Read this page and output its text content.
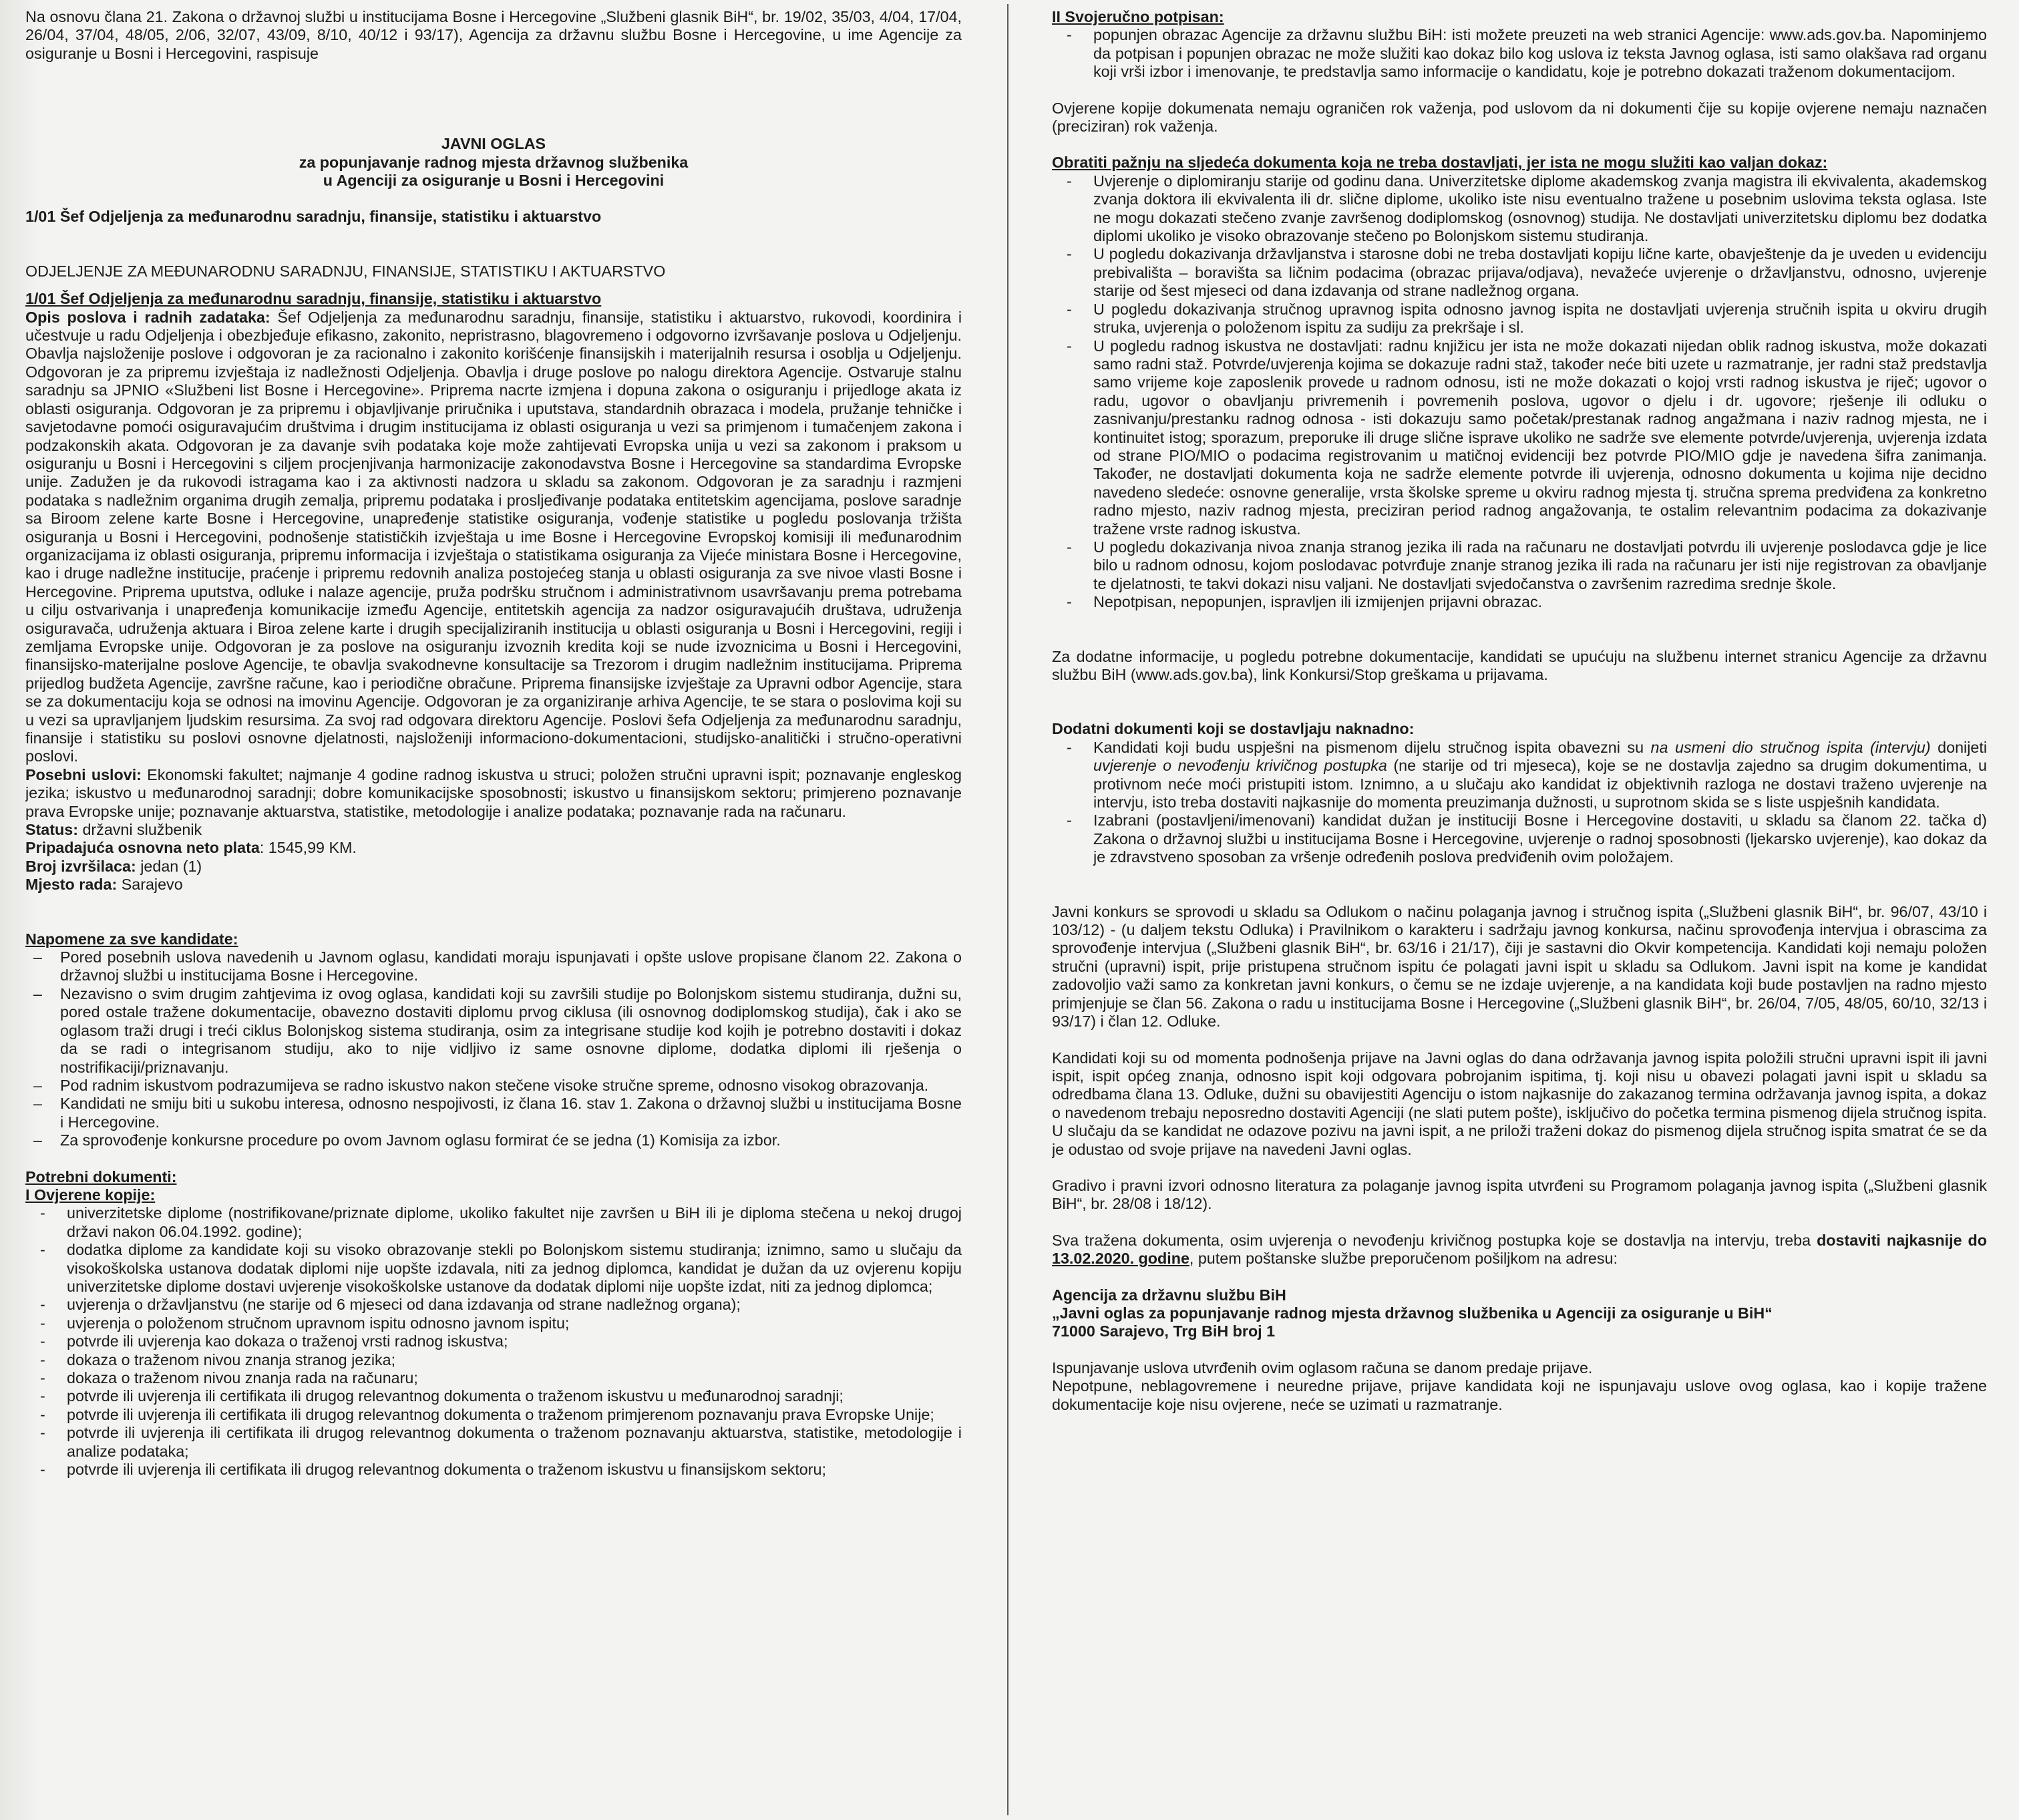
Na osnovu člana 21. Zakona o državnoj službi u institucijama Bosne i Hercegovine „Službeni glasnik BiH“, br. 19/02, 35/03, 4/04, 17/04, 26/04, 37/04, 48/05, 2/06, 32/07, 43/09, 8/10, 40/12 i 93/17), Agencija za državnu službu Bosne i Hercegovine, u ime Agencije za osiguranje u Bosni i Hercegovini, raspisuje

JAVNI OGLAS

za popunjavanje radnog mjesta državnog službenika

u Agenciji za osiguranje u Bosni i Hercegovini

1/01 Šef Odjeljenja za međunarodnu saradnju, finansije, statistiku i aktuarstvo

ODJELJENJE ZA MEĐUNARODNU SARADNJU, FINANSIJE, STATISTIKU I AKTUARSTVO

1/01 Šef Odjeljenja za međunarodnu saradnju, finansije, statistiku i aktuarstvo

Opis poslova i radnih zadataka: Šef Odjeljenja za međunarodnu saradnju, finansije, statistiku i aktuarstvo, rukovodi, koordinira i učestvuje u radu Odjeljenja i obezbjeđuje efikasno, zakonito, nepristrasno, blagovremeno i odgovorno izvršavanje poslova u Odjeljenju. Obavlja najsloženije poslove i odgovoran je za racionalno i zakonito korišćenje finansijskih i materijalnih resursa i osoblja u Odjeljenju. Odgovoran je za pripremu izvještaja iz nadležnosti Odjeljenja. Obavlja i druge poslove po nalogu direktora Agencije. Ostvaruje stalnu saradnju sa JPNIO «Službeni list Bosne i Hercegovine». Priprema nacrte izmjena i dopuna zakona o osiguranju i prijedloge akata iz oblasti osiguranja. Odgovoran je za pripremu i objavljivanje priručnika i uputstava, standardnih obrazaca i modela, pružanje tehničke i savjetodavne pomoći osiguravajućim društvima i drugim institucijama iz oblasti osiguranja u vezi sa primjenom i tumačenjem zakona i podzakonskih akata. Odgovoran je za davanje svih podataka koje može zahtijevati Evropska unija u vezi sa zakonom i praksom u osiguranju u Bosni i Hercegovini s ciljem procjenjivanja harmonizacije zakonodavstva Bosne i Hercegovine sa standardima Evropske unije. Zadužen je da rukovodi istragama kao i za aktivnosti nadzora u skladu sa zakonom. Odgovoran je za saradnju i razmjeni podataka s nadležnim organima drugih zemalja, pripremu podataka i prosljeđivanje podataka entitetskim agencijama, poslove saradnje sa Biroom zelene karte Bosne i Hercegovine, unapređenje statistike osiguranja, vođenje statistike u pogledu poslovanja tržišta osiguranja u Bosni i Hercegovini, podnošenje statističkih izvještaja u ime Bosne i Hercegovine Evropskoj komisiji ili međunarodnim organizacijama iz oblasti osiguranja, pripremu informacija i izvještaja o statistikama osiguranja za Vijeće ministara Bosne i Hercegovine, kao i druge nadležne institucije, praćenje i pripremu redovnih analiza postojećeg stanja u oblasti osiguranja za sve nivoe vlasti Bosne i Hercegovine. Priprema uputstva, odluke i nalaze agencije, pruža podršku stručnom i administrativnom usavršavanju prema potrebama u cilju ostvarivanja i unapređenja komunikacije između Agencije, entitetskih agencija za nadzor osiguravajućih društava, udruženja osiguravača, udruženja aktuara i Biroa zelene karte i drugih specijaliziranih institucija u oblasti osiguranja u Bosni i Hercegovini, regiji i zemljama Evropske unije. Odgovoran je za poslove na osiguranju izvoznih kredita koji se nude izvoznicima u Bosni i Hercegovini, finansijsko-materijalne poslove Agencije, te obavlja svakodnevne konsultacije sa Trezorom i drugim nadležnim institucijama. Priprema prijedlog budžeta Agencije, završne račune, kao i periodične obračune. Priprema finansijske izvještaje za Upravni odbor Agencije, stara se za dokumentaciju koja se odnosi na imovinu Agencije. Odgovoran je za organiziranje arhiva Agencije, te se stara o poslovima koji su u vezi sa upravljanjem ljudskim resursima. Za svoj rad odgovara direktoru Agencije. Poslovi šefa Odjeljenja za međunarodnu saradnju, finansije i statistiku su poslovi osnovne djelatnosti, najsloženiji informaciono-dokumentacioni, studijsko-analitički i stručno-operativni poslovi.

Posebni uslovi: Ekonomski fakultet; najmanje 4 godine radnog iskustva u struci; položen stručni upravni ispit; poznavanje engleskog jezika; iskustvo u međunarodnoj saradnji; dobre komunikacijske sposobnosti; iskustvo u finansijskom sektoru; primjereno poznavanje prava Evropske unije; poznavanje aktuarstva, statistike, metodologije i analize podataka; poznavanje rada na računaru.

Status: državni službenik

Pripadajuća osnovna neto plata: 1545,99 KM.

Broj izvršilaca: jedan (1)

Mjesto rada: Sarajevo

Napomene za sve kandidate:

– Pored posebnih uslova navedenih u Javnom oglasu, kandidati moraju ispunjavati i opšte uslove propisane članom 22. Zakona o državnoj službi u institucijama Bosne i Hercegovine.
– Nezavisno o svim drugim zahtjevima iz ovog oglasa, kandidati koji su završili studije po Bolonjskom sistemu studiranja, dužni su, pored ostale tražene dokumentacije, obavezno dostaviti diplomu prvog ciklusa (ili osnovnog dodiplomskog studija), čak i ako se oglasom traži drugi i treći ciklus Bolonjskog sistema studiranja, osim za integrisane studije kod kojih je potrebno dostaviti i dokaz da se radi o integrisanom studiju, ako to nije vidljivo iz same osnovne diplome, dodatka diplomi ili rješenja o nostrifikaciji/priznavanju.
– Pod radnim iskustvom podrazumijeva se radno iskustvo nakon stečene visoke stručne spreme, odnosno visokog obrazovanja.
– Kandidati ne smiju biti u sukobu interesa, odnosno nespojivosti, iz člana 16. stav 1. Zakona o državnoj službi u institucijama Bosne i Hercegovine.
– Za sprovođenje konkursne procedure po ovom Javnom oglasu formirat će se jedna (1) Komisija za izbor.

Potrebni dokumenti:

I Ovjerene kopije:

- univerzitetske diplome (nostrifikovane/priznate diplome, ukoliko fakultet nije završen u BiH ili je diploma stečena u nekoj drugoj državi nakon 06.04.1992. godine);
- dodatka diplome za kandidate koji su visoko obrazovanje stekli po Bolonjskom sistemu studiranja; iznimno, samo u slučaju da visokoškolska ustanova dodatak diplomi nije uopšte izdavala, niti za jednog diplomca, kandidat je dužan da uz ovjerenu kopiju univerzitetske diplome dostavi uvjerenje visokoškolske ustanove da dodatak diplomi nije uopšte izdat, niti za jednog diplomca;
- uvjerenja o državljanstvu (ne starije od 6 mjeseci od dana izdavanja od strane nadležnog organa);
- uvjerenja o položenom stručnom upravnom ispitu odnosno javnom ispitu;
- potvrde ili uvjerenja kao dokaza o traženoj vrsti radnog iskustva;
- dokaza o traženom nivou znanja stranog jezika;
- dokaza o traženom nivou znanja rada na računaru;
- potvrde ili uvjerenja ili certifikata ili drugog relevantnog dokumenta o traženom iskustvu u međunarodnoj saradnji;
- potvrde ili uvjerenja ili certifikata ili drugog relevantnog dokumenta o traženom primjerenom poznavanju prava Evropske Unije;
- potvrde ili uvjerenja ili certifikata ili drugog relevantnog dokumenta o traženom poznavanju aktuarstva, statistike, metodologije i analize podataka;
- potvrde ili uvjerenja ili certifikata ili drugog relevantnog dokumenta o traženom iskustvu u finansijskom sektoru;

II Svojeručno potpisan:

- popunjen obrazac Agencije za državnu službu BiH: isti možete preuzeti na web stranici Agencije: www.ads.gov.ba. Napominjemo da potpisan i popunjen obrazac ne može služiti kao dokaz bilo kog uslova iz teksta Javnog oglasa, isti samo olakšava rad organu koji vrši izbor i imenovanje, te predstavlja samo informacije o kandidatu, koje je potrebno dokazati traženom dokumentacijom.

Ovjerene kopije dokumenata nemaju ograničen rok važenja, pod uslovom da ni dokumenti čije su kopije ovjerene nemaju naznačen (preciziran) rok važenja.

Obratiti pažnju na sljedeća dokumenta koja ne treba dostavljati, jer ista ne mogu služiti kao valjan dokaz:

- Uvjerenje o diplomiranju starije od godinu dana. Univerzitetske diplome akademskog zvanja magistra ili ekvivalenta, akademskog zvanja doktora ili ekvivalenta ili dr. slične diplome, ukoliko iste nisu eventualno tražene u posebnim uslovima teksta oglasa. Iste ne mogu dokazati stečeno zvanje završenog dodiplomskog (osnovnog) studija. Ne dostavljati univerzitetsku diplomu bez dodatka diplomi ukoliko je visoko obrazovanje stečeno po Bolonjskom sistemu studiranja.
- U pogledu dokazivanja državljanstva i starosne dobi ne treba dostavljati kopiju lične karte, obavještenje da je uveden u evidenciju prebivališta – boravišta sa ličnim podacima (obrazac prijava/odjava), nevažeće uvjerenje o državljanstvu, odnosno, uvjerenje starije od šest mjeseci od dana izdavanja od strane nadležnog organa.
- U pogledu dokazivanja stručnog upravnog ispita odnosno javnog ispita ne dostavljati uvjerenja stručnih ispita u okviru drugih struka, uvjerenja o položenom ispitu za sudiju za prekršaje i sl.
- U pogledu radnog iskustva ne dostavljati: radnu knjižicu jer ista ne može dokazati nijedan oblik radnog iskustva, može dokazati samo radni staž. Potvrde/uvjerenja kojima se dokazuje radni staž, također neće biti uzete u razmatranje, jer radni staž predstavlja samo vrijeme koje zaposlenik provede u radnom odnosu, isti ne može dokazati o kojoj vrsti radnog iskustva je riječ; ugovor o radu, ugovor o obavljanju privremenih i povremenih poslova, ugovor o djelu i dr. ugovore; rješenje ili odluku o zasnivanju/prestanku radnog odnosa - isti dokazuju samo početak/prestanak radnog angažmana i naziv radnog mjesta, ne i kontinuitet istog; sporazum, preporuke ili druge slične isprave ukoliko ne sadrže sve elemente potvrde/uvjerenja, uvjerenja izdata od strane PIO/MIO o podacima registrovanim u matičnoj evidenciji bez potvrde PIO/MIO gdje je navedena šifra zanimanja. Također, ne dostavljati dokumenta koja ne sadrže elemente potvrde ili uvjerenja, odnosno dokumenta u kojima nije decidno navedeno sledeće: osnovne generalije, vrsta školske spreme u okviru radnog mjesta tj. stručna sprema predviđena za konkretno radno mjesto, naziv radnog mjesta, preciziran period radnog angažovanja, te ostalim relevantnim podacima za dokazivanje tražene vrste radnog iskustva.
- U pogledu dokazivanja nivoa znanja stranog jezika ili rada na računaru ne dostavljati potvrdu ili uvjerenje poslodavca gdje je lice bilo u radnom odnosu, kojom poslodavac potvrđuje znanje stranog jezika ili rada na računaru jer isti nije registrovan za obavljanje te djelatnosti, te takvi dokazi nisu valjani. Ne dostavljati svjedočanstva o završenim razredima srednje škole.
- Nepotpisan, nepopunjen, ispravljen ili izmijenjen prijavni obrazac.

Za dodatne informacije, u pogledu potrebne dokumentacije, kandidati se upućuju na službenu internet stranicu Agencije za državnu službu BiH (www.ads.gov.ba), link Konkursi/Stop greškama u prijavama.

Dodatni dokumenti koji se dostavljaju naknadno:

- Kandidati koji budu uspješni na pismenom dijelu stručnog ispita obavezni su na usmeni dio stručnog ispita (intervju) donijeti uvjerenje o nevođenju krivičnog postupka (ne starije od tri mjeseca), koje se ne dostavlja zajedno sa drugim dokumentima, u protivnom neće moći pristupiti istom. Iznimno, a u slučaju ako kandidat iz objektivnih razloga ne dostavi traženo uvjerenje na intervju, isto treba dostaviti najkasnije do momenta preuzimanja dužnosti, u suprotnom skida se s liste uspješnih kandidata.
- Izabrani (postavljeni/imenovani) kandidat dužan je instituciji Bosne i Hercegovine dostaviti, u skladu sa članom 22. tačka d) Zakona o državnoj službi u institucijama Bosne i Hercegovine, uvjerenje o radnoj sposobnosti (ljekarsko uvjerenje), kao dokaz da je zdravstveno sposoban za vršenje određenih poslova predviđenih ovim položajem.

Javni konkurs se sprovodi u skladu sa Odlukom o načinu polaganja javnog i stručnog ispita („Službeni glasnik BiH“, br. 96/07, 43/10 i 103/12) - (u daljem tekstu Odluka) i Pravilnikom o karakteru i sadržaju javnog konkursa, načinu sprovođenja intervjua i obrascima za sprovođenje intervjua („Službeni glasnik BiH“, br. 63/16 i 21/17), čiji je sastavni dio Okvir kompetencija. Kandidati koji nemaju položen stručni (upravni) ispit, prije pristupena stručnom ispitu će polagati javni ispit u skladu sa Odlukom. Javni ispit na kome je kandidat zadovoljio važi samo za konkretan javni konkurs, o čemu se ne izdaje uvjerenje, a na kandidata koji bude postavljen na radno mjesto primjenjuje se član 56. Zakona o radu u institucijama Bosne i Hercegovine („Službeni glasnik BiH“, br. 26/04, 7/05, 48/05, 60/10, 32/13 i 93/17) i član 12. Odluke.

Kandidati koji su od momenta podnošenja prijave na Javni oglas do dana održavanja javnog ispita položili stručni upravni ispit ili javni ispit, ispit općeg znanja, odnosno ispit koji odgovara pobrojanim ispitima, tj. koji nisu u obavezi polagati javni ispit u skladu sa odredbama člana 13. Odluke, dužni su obavijestiti Agenciju o istom najkasnije do zakazanog termina održavanja javnog ispita, a dokaz o navedenom trebaju neposredno dostaviti Agenciji (ne slati putem pošte), isključivo do početka termina pismenog dijela stručnog ispita. U slučaju da se kandidat ne odazove pozivu na javni ispit, a ne priloži traženi dokaz do pismenog dijela stručnog ispita smatrat će se da je odustao od svoje prijave na navedeni Javni oglas.

Gradivo i pravni izvori odnosno literatura za polaganje javnog ispita utvrđeni su Programom polaganja javnog ispita („Službeni glasnik BiH“, br. 28/08 i 18/12).

Sva tražena dokumenta, osim uvjerenja o nevođenju krivičnog postupka koje se dostavlja na intervju, treba dostaviti najkasnije do 13.02.2020. godine, putem poštanske službe preporučenom pošiljkom na adresu:

Agencija za državnu službu BiH

„Javni oglas za popunjavanje radnog mjesta državnog službenika u Agenciji za osiguranje u BiH“

71000 Sarajevo, Trg BiH broj 1

Ispunjavanje uslova utvrđenih ovim oglasom računa se danom predaje prijave.

Nepotpune, neblagovremene i neuredne prijave, prijave kandidata koji ne ispunjavaju uslove ovog oglasa, kao i kopije tražene dokumentacije koje nisu ovjerene, neće se uzimati u razmatranje.
